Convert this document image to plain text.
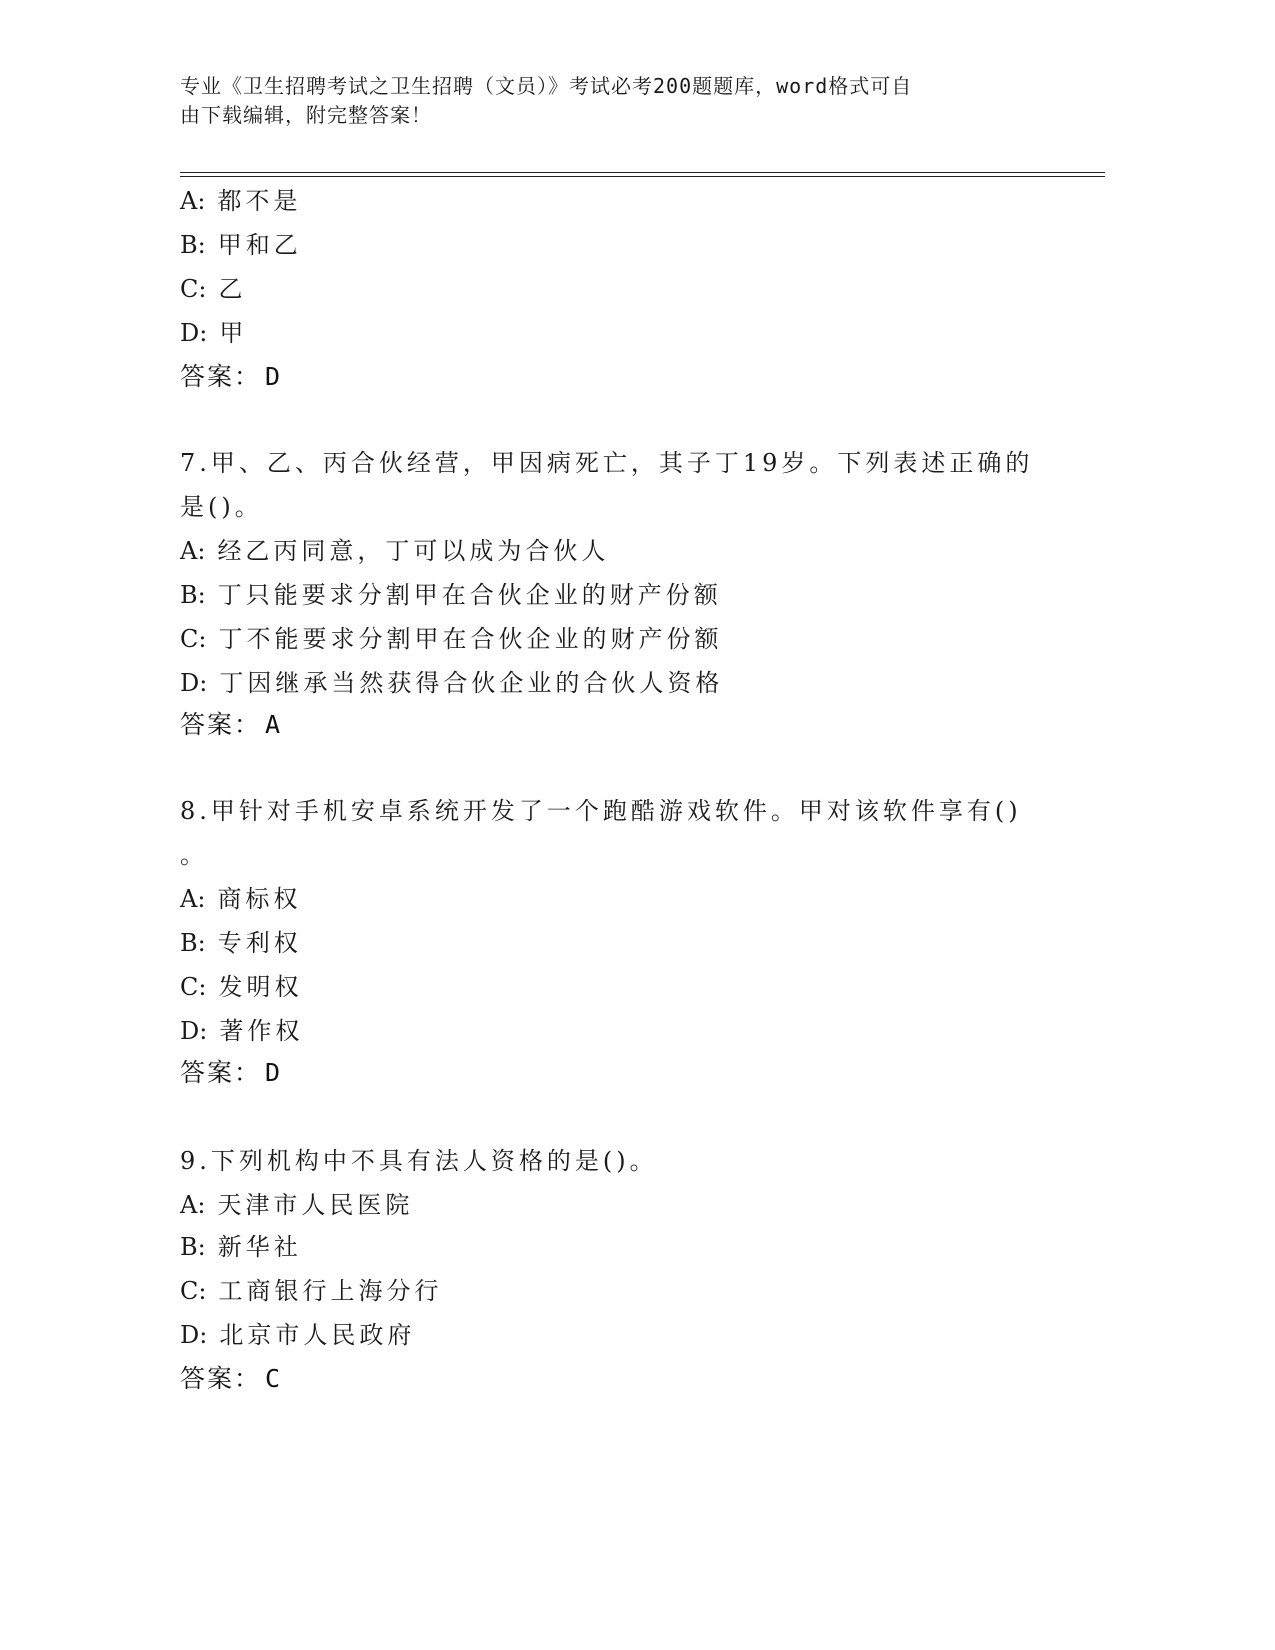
专业《卫生招聘考试之卫生招聘（文员）》考试必考200题题库，word格式可自
由下载编辑，附完整答案！
A: 都不是
B: 甲和乙
C: 乙
D: 甲
答案： D
7.甲、乙、丙合伙经营，甲因病死亡，其子丁19岁。下列表述正确的
是()。
A: 经乙丙同意，丁可以成为合伙人
B: 丁只能要求分割甲在合伙企业的财产份额
C: 丁不能要求分割甲在合伙企业的财产份额
D: 丁因继承当然获得合伙企业的合伙人资格
答案： A
8.甲针对手机安卓系统开发了一个跑酷游戏软件。甲对该软件享有()
。
A: 商标权
B: 专利权
C: 发明权
D: 著作权
答案： D
9.下列机构中不具有法人资格的是()。
A: 天津市人民医院
B: 新华社
C: 工商银行上海分行
D: 北京市人民政府
答案： C
